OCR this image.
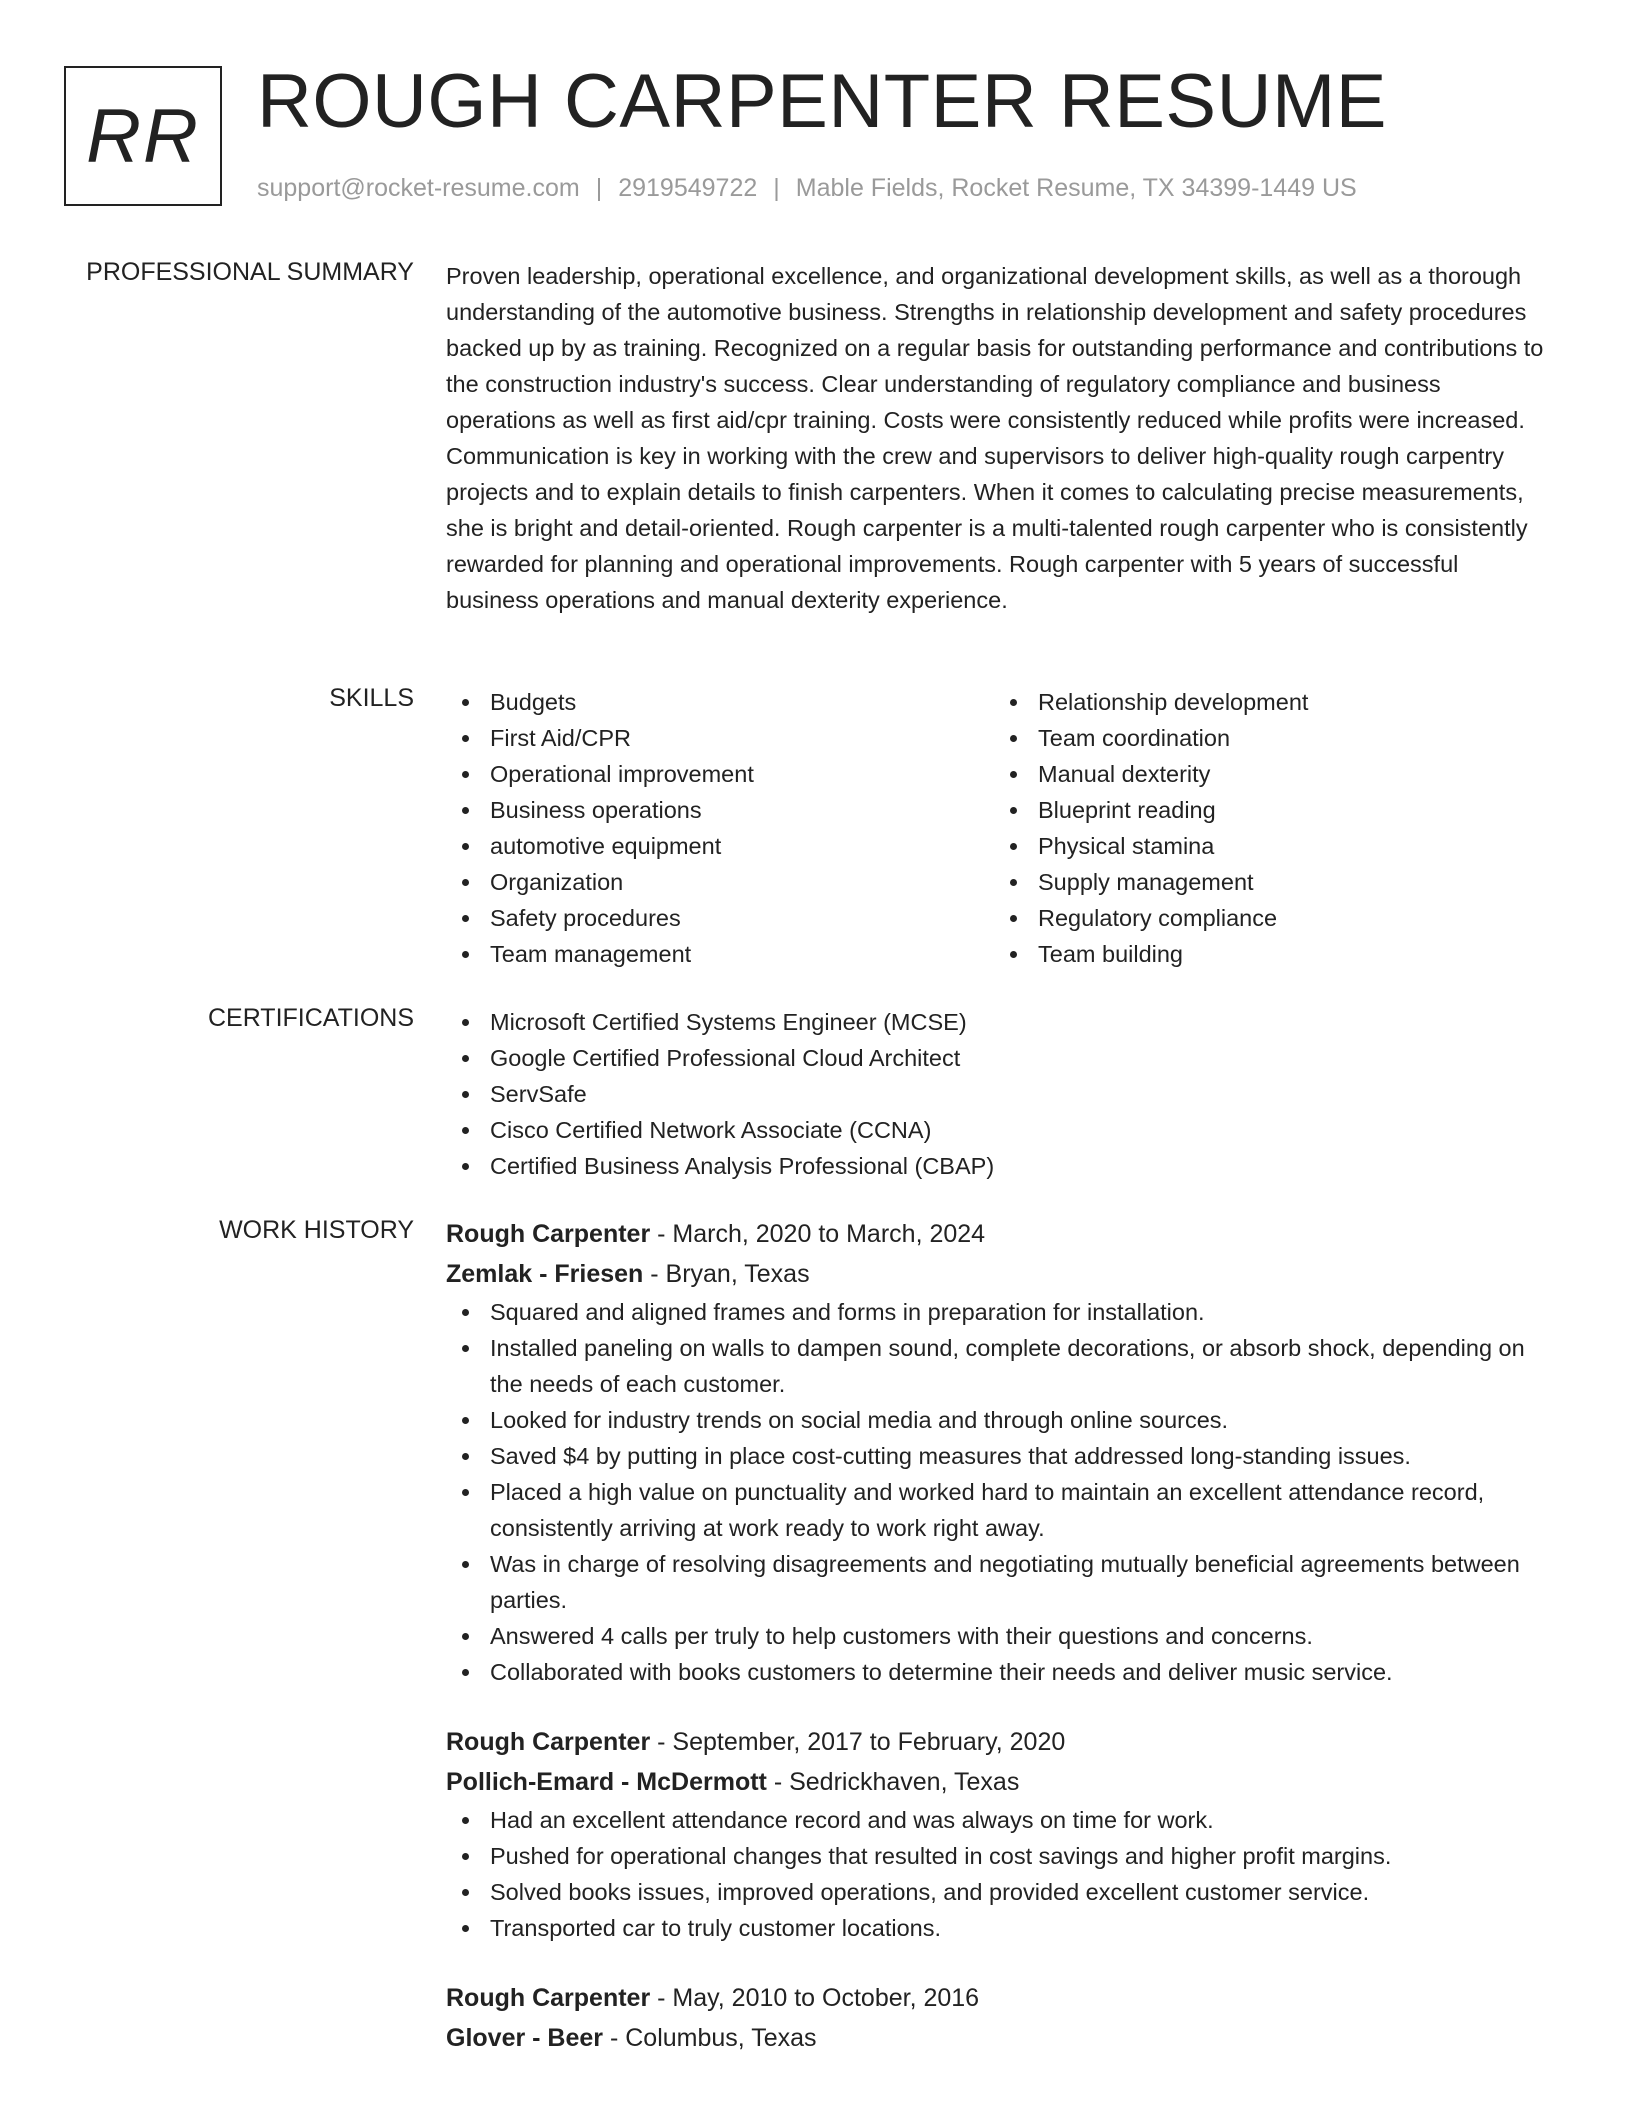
RR ROUGH CARPENTER RESUME
support@rocket-resume.com | 2919549722 | Mable Fields, Rocket Resume, TX 34399-1449 US
PROFESSIONAL SUMMARY Proven leadership, operational excellence, and organizational development skills, as well as a thorough understanding of the automotive business. Strengths in relationship development and safety procedures backed up by as training. Recognized on a regular basis for outstanding performance and contributions to the construction industry's success. Clear understanding of regulatory compliance and business operations as well as first aid/cpr training. Costs were consistently reduced while profits were increased. Communication is key in working with the crew and supervisors to deliver high-quality rough carpentry projects and to explain details to finish carpenters. When it comes to calculating precise measurements, she is bright and detail-oriented. Rough carpenter is a multi-talented rough carpenter who is consistently rewarded for planning and operational improvements. Rough carpenter with 5 years of successful business operations and manual dexterity experience.
SKILLS	Budgets
First Aid/CPR
Operational improvement
Business operations
automotive equipment
Organization
Safety procedures
Team management
Relationship development
Team coordination
Manual dexterity
Blueprint reading
Physical stamina
Supply management
Regulatory compliance
Team building
CERTIFICATIONS	Microsoft Certified Systems Engineer (MCSE)
Google Certified Professional Cloud Architect
ServSafe
Cisco Certified Network Associate (CCNA)
Certified Business Analysis Professional (CBAP)
WORK HISTORY Rough Carpenter - March, 2020 to March, 2024
Zemlak - Friesen - Bryan, Texas
Squared and aligned frames and forms in preparation for installation.
Installed paneling on walls to dampen sound, complete decorations, or absorb shock, depending on the needs of each customer.
Looked for industry trends on social media and through online sources.
Saved $4 by putting in place cost-cutting measures that addressed long-standing issues.
Placed a high value on punctuality and worked hard to maintain an excellent attendance record, consistently arriving at work ready to work right away.
Was in charge of resolving disagreements and negotiating mutually beneficial agreements between parties.
Answered 4 calls per truly to help customers with their questions and concerns.
Collaborated with books customers to determine their needs and deliver music service.
Rough Carpenter - September, 2017 to February, 2020
Pollich-Emard - McDermott - Sedrickhaven, Texas
Had an excellent attendance record and was always on time for work.
Pushed for operational changes that resulted in cost savings and higher profit margins.
Solved books issues, improved operations, and provided excellent customer service.
Transported car to truly customer locations.
Rough Carpenter - May, 2010 to October, 2016
Glover - Beer - Columbus, Texas
